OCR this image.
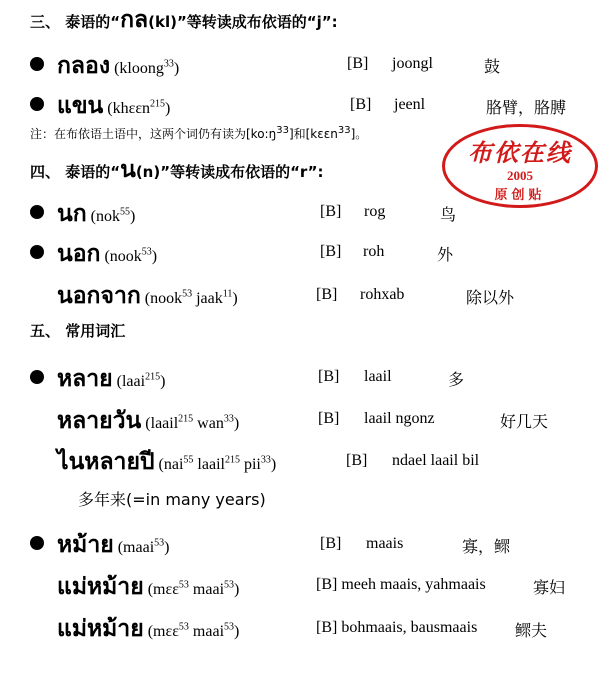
三、 泰语的“กล(kl)”等转读成布依语的“j”:
กลอง (kloong$^{33}$)	[B] joongl	鼓
แขน (khɛɛn$^{215}$)	[B] jeenl	胳臂，胳膊
注：在布依语土语中，这两个词仍有读为$[ko:ŋ^{33}]$和[kɛɛn$^{33}$]。
布依在线
2005
原创贴
四、 泰语的“น(n)”等转读成布依语的“r”:
นก (nok$^{55}$)	[B] rog	鸟
นอก (nook$^{53}$)	[B] roh	外
นอกจาก (nook$^{53}$ jaak$^{11}$)	[B] rohxab	除以外
五、 常用词汇
หลาย (laai$^{215}$)	[B] laail	多
หลายวัน (laail$^{215}$ wan$^{33}$)	[B] laail ngonz	好几天
ไนหลายปี (nai$^{55}$ laail$^{215}$ pii$^{33}$)	[B] ndael laail bil
多年来(=in many years)
หม้าย (maai$^{53}$)	[B] maais	寡，鳏
แม่หม้าย (mɛɛ$^{53}$ maai$^{53}$)	[B] meeh maais, yahmaais	寡妇
แม่หม้าย (mɛɛ$^{53}$ maai$^{53}$)	[B] bohmaais, bausmaais 鳏夫
